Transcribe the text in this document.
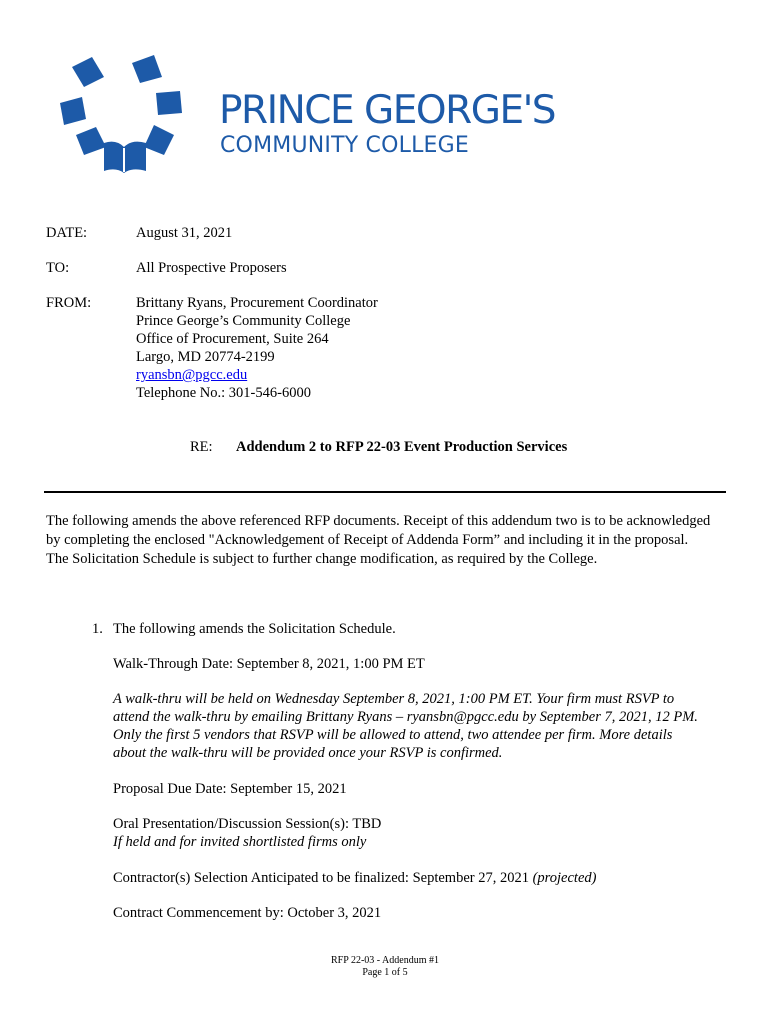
PRINCE GEORGE'S
COMMUNITY COLLEGE
DATE:	August 31, 2021
TO:	All Prospective Proposers
FROM:	Brittany Ryans, Procurement Coordinator
Prince George’s Community College
Office of Procurement, Suite 264
Largo, MD 20774-2199
ryansbn@pgcc.edu
Telephone No.: 301-546-6000
RE: Addendum 2 to RFP 22-03 Event Production Services
The following amends the above referenced RFP documents. Receipt of this addendum two is to be acknowledged
by completing the enclosed "Acknowledgement of Receipt of Addenda Form” and including it in the proposal.
The Solicitation Schedule is subject to further change modification, as required by the College.
1. The following amends the Solicitation Schedule.
Walk-Through Date: September 8, 2021, 1:00 PM ET
A walk-thru will be held on Wednesday September 8, 2021, 1:00 PM ET. Your firm must RSVP to
attend the walk-thru by emailing Brittany Ryans – ryansbn@pgcc.edu by September 7, 2021, 12 PM.
Only the first 5 vendors that RSVP will be allowed to attend, two attendee per firm. More details
about the walk-thru will be provided once your RSVP is confirmed.
Proposal Due Date: September 15, 2021
Oral Presentation/Discussion Session(s): TBD
If held and for invited shortlisted firms only
Contractor(s) Selection Anticipated to be finalized: September 27, 2021 (projected)
Contract Commencement by: October 3, 2021
RFP 22-03 - Addendum #1
Page 1 of 5
